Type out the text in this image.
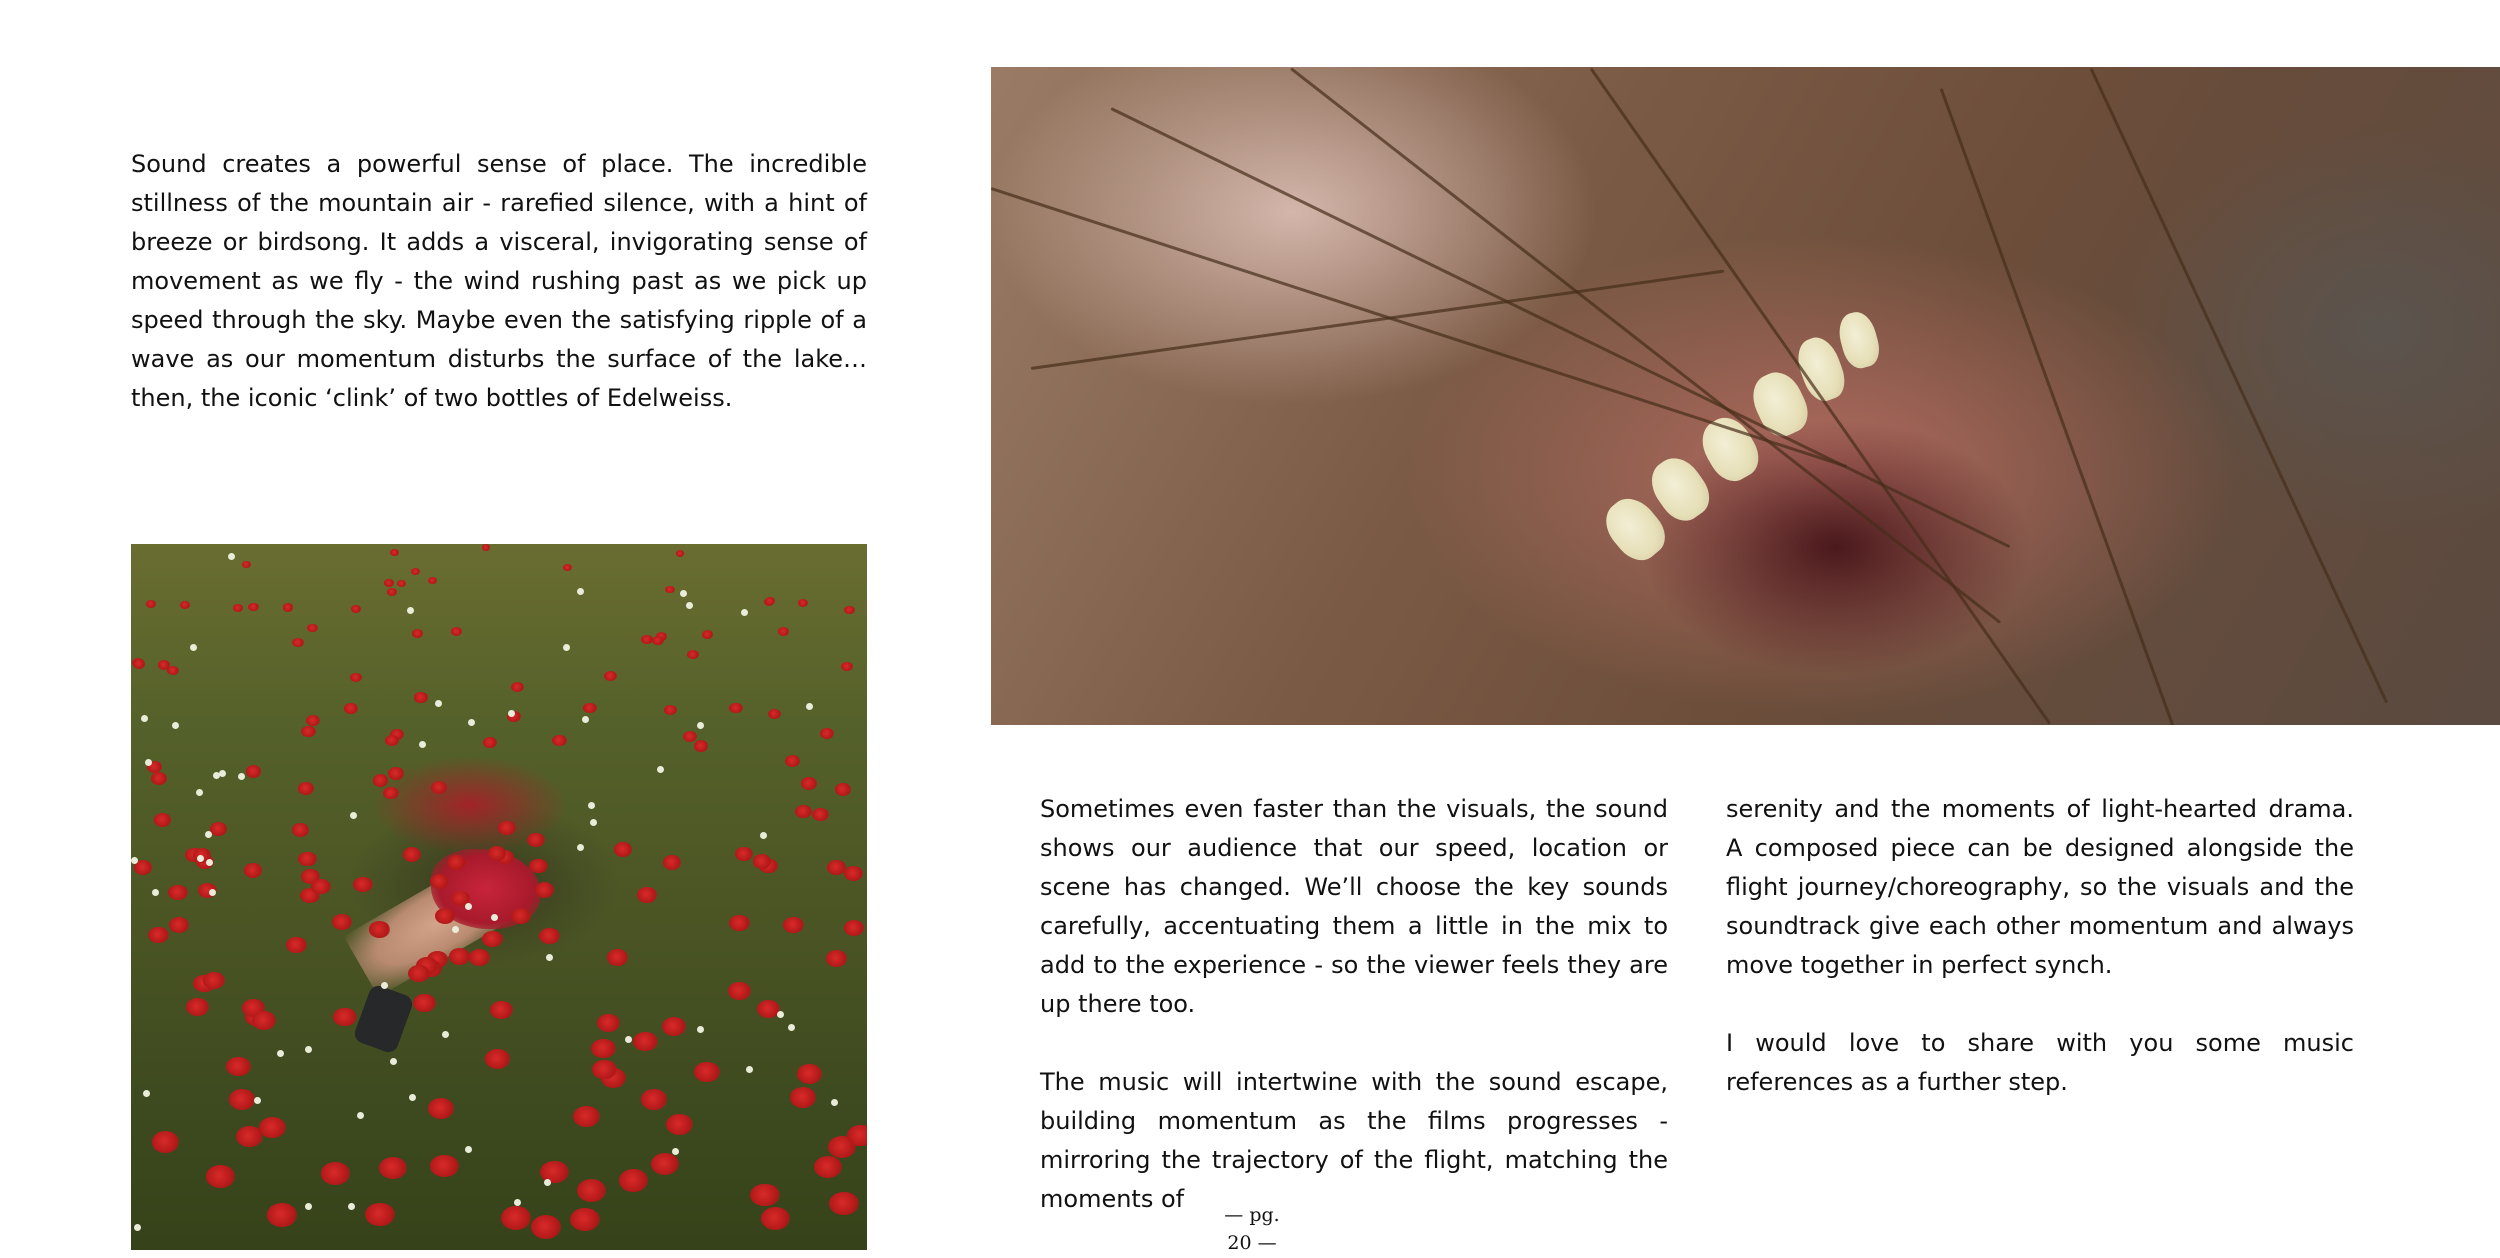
Sound creates a powerful sense of place. The incredible stillness of the mountain air - rarefied silence, with a hint of breeze or birdsong. It adds a visceral, invigorating sense of movement as we fly - the wind rushing past as we pick up speed through the sky. Maybe even the satisfying ripple of a wave as our momentum disturbs the surface of the lake… then, the iconic ‘clink’ of two bottles of Edelweiss.

Sometimes even faster than the visuals, the sound shows our audience that our speed, location or scene has changed. We’ll choose the key sounds carefully, accentuating them a little in the mix to add to the experience - so the viewer feels they are up there too.

The music will intertwine with the sound escape, building momentum as the films progresses - mirroring the trajectory of the flight, matching the moments of

serenity and the moments of light-hearted drama. A composed piece can be designed alongside the flight journey/choreography, so the visuals and the soundtrack give each other momentum and always move together in perfect synch.

I would love to share with you some music references as a further step.

— pg. 20 —
